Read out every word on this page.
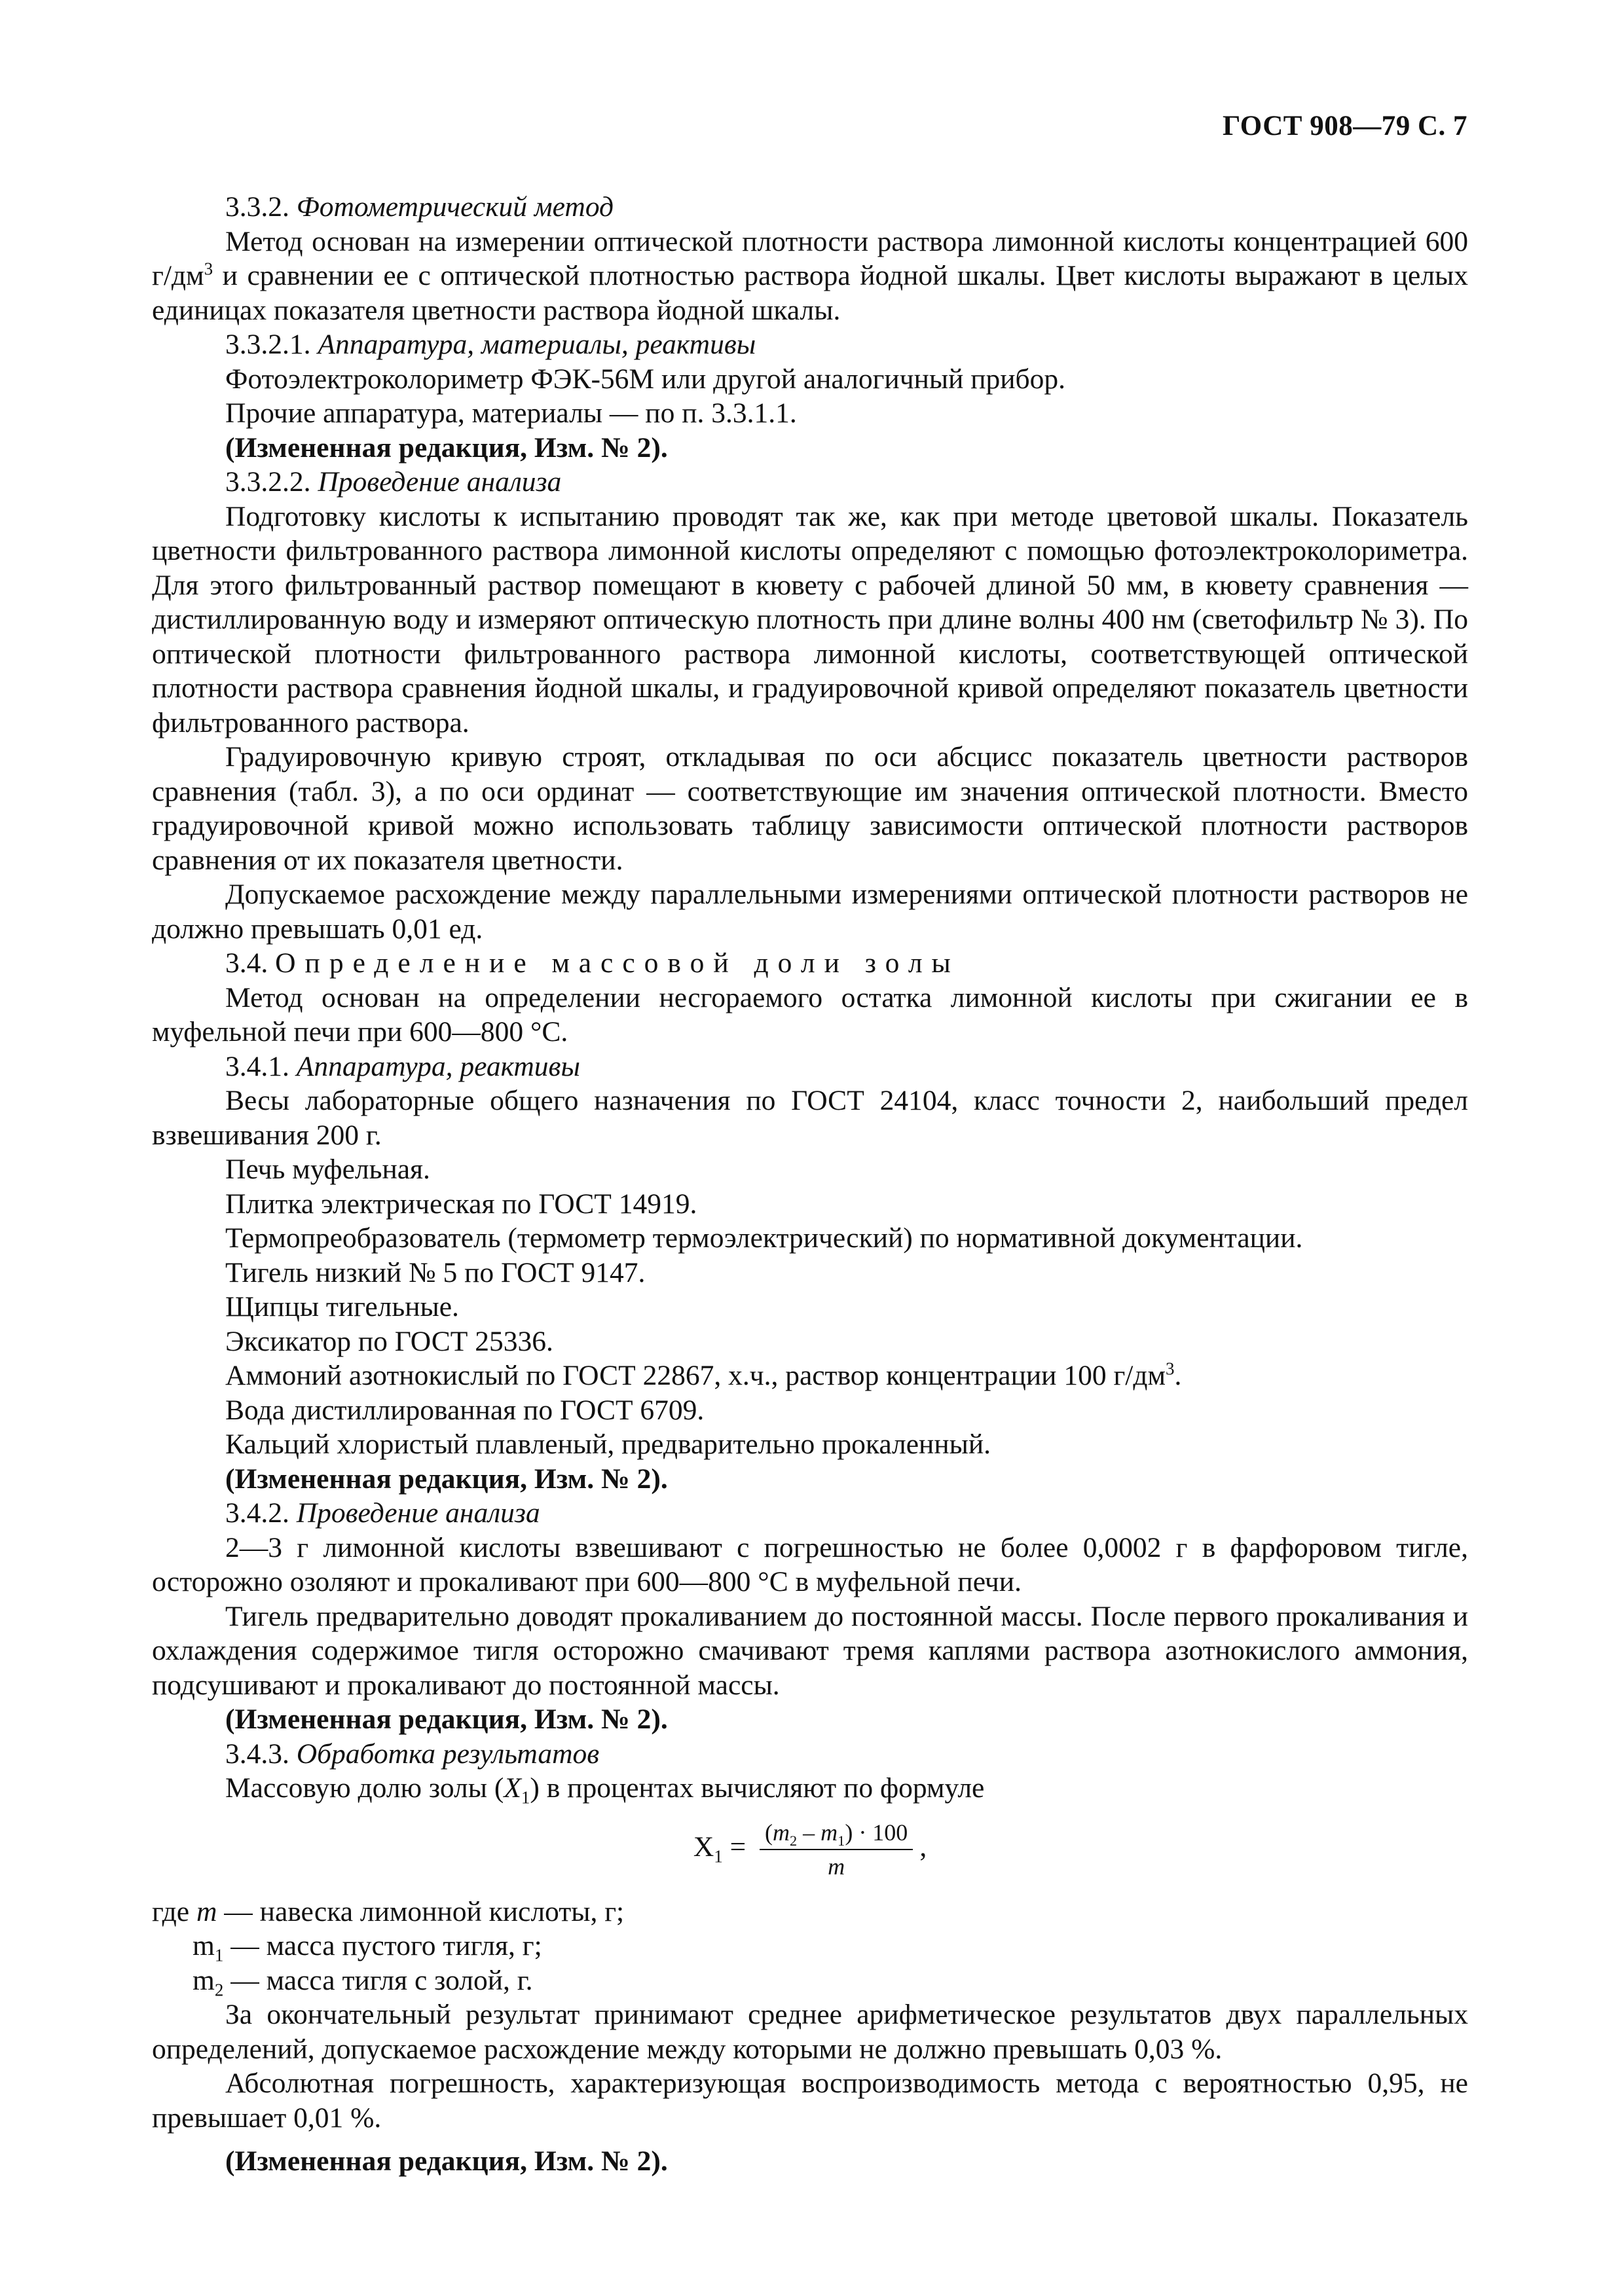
ГОСТ 908—79 С. 7

3.3.2. Фотометрический метод

Метод основан на измерении оптической плотности раствора лимонной кислоты концентрацией 600 $г/дм^3$ и сравнении ее с оптической плотностью раствора йодной шкалы. Цвет кислоты выражают в целых единицах показателя цветности раствора йодной шкалы.

3.3.2.1. Аппаратура, материалы, реактивы

Фотоэлектроколориметр ФЭК-56М или другой аналогичный прибор.

Прочие аппаратура, материалы — по п. 3.3.1.1.

(Измененная редакция, Изм. № 2).

3.3.2.2. Проведение анализа

Подготовку кислоты к испытанию проводят так же, как при методе цветовой шкалы. Показатель цветности фильтрованного раствора лимонной кислоты определяют с помощью фотоэлектроколориметра. Для этого фильтрованный раствор помещают в кювету с рабочей длиной 50 мм, в кювету сравнения — дистиллированную воду и измеряют оптическую плотность при длине волны 400 нм (светофильтр № 3). По оптической плотности фильтрованного раствора лимонной кислоты, соответствующей оптической плотности раствора сравнения йодной шкалы, и градуировочной кривой определяют показатель цветности фильтрованного раствора.

Градуировочную кривую строят, откладывая по оси абсцисс показатель цветности растворов сравнения (табл. 3), а по оси ординат — соответствующие им значения оптической плотности. Вместо градуировочной кривой можно использовать таблицу зависимости оптической плотности растворов сравнения от их показателя цветности.

Допускаемое расхождение между параллельными измерениями оптической плотности растворов не должно превышать 0,01 ед.

3.4. Определение массовой доли золы

Метод основан на определении несгораемого остатка лимонной кислоты при сжигании ее в муфельной печи при 600—800 °С.

3.4.1. Аппаратура, реактивы

Весы лабораторные общего назначения по ГОСТ 24104, класс точности 2, наибольший предел взвешивания 200 г.

Печь муфельная.

Плитка электрическая по ГОСТ 14919.

Термопреобразователь (термометр термоэлектрический) по нормативной документации.

Тигель низкий № 5 по ГОСТ 9147.

Щипцы тигельные.

Эксикатор по ГОСТ 25336.

Аммоний азотнокислый по ГОСТ 22867, х.ч., раствор концентрации 100 $г/дм^3$.

Вода дистиллированная по ГОСТ 6709.

Кальций хлористый плавленый, предварительно прокаленный.

(Измененная редакция, Изм. № 2).

3.4.2. Проведение анализа

2—3 г лимонной кислоты взвешивают с погрешностью не более 0,0002 г в фарфоровом тигле, осторожно озоляют и прокаливают при 600—800 °С в муфельной печи.

Тигель предварительно доводят прокаливанием до постоянной массы. После первого прокаливания и охлаждения содержимое тигля осторожно смачивают тремя каплями раствора азотнокислого аммония, подсушивают и прокаливают до постоянной массы.

(Измененная редакция, Изм. № 2).

3.4.3. Обработка результатов

Массовую долю золы $(X_1)$ в процентах вычисляют по формуле

$X_1 = \frac{(m_2 - m_1) \cdot 100}{m}$ ,

где m — навеска лимонной кислоты, г;

$m_1$ — масса пустого тигля, г;

$m_2$ — масса тигля с золой, г.

За окончательный результат принимают среднее арифметическое результатов двух параллельных определений, допускаемое расхождение между которыми не должно превышать 0,03 %.

Абсолютная погрешность, характеризующая воспроизводимость метода с вероятностью 0,95, не превышает 0,01 %.

(Измененная редакция, Изм. № 2).
